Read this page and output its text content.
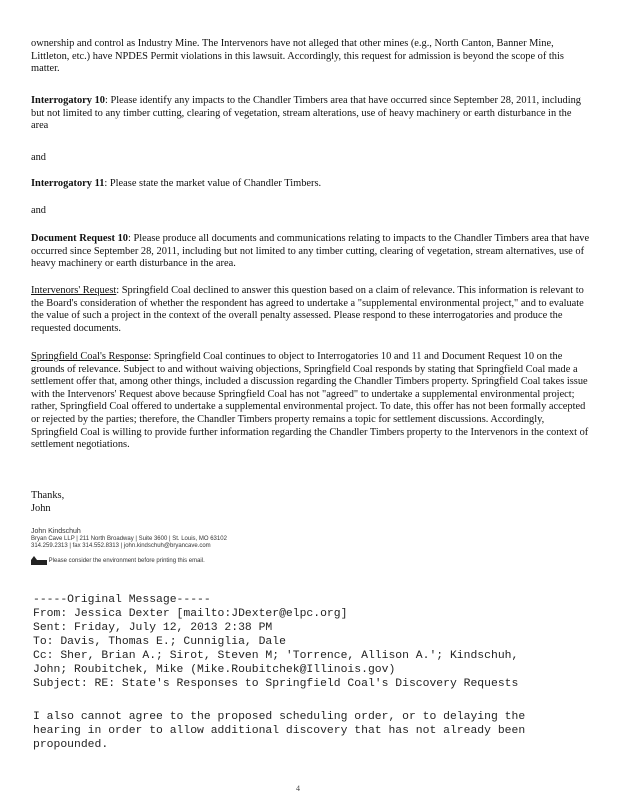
ownership and control as Industry Mine. The Intervenors have not alleged that other mines (e.g., North Canton, Banner Mine, Littleton, etc.) have NPDES Permit violations in this lawsuit. Accordingly, this request for admission is beyond the scope of this matter.

Interrogatory 10: Please identify any impacts to the Chandler Timbers area that have occurred since September 28, 2011, including but not limited to any timber cutting, clearing of vegetation, stream alterations, use of heavy machinery or earth disturbance in the area

and

Interrogatory 11: Please state the market value of Chandler Timbers.

and

Document Request 10: Please produce all documents and communications relating to impacts to the Chandler Timbers area that have occurred since September 28, 2011, including but not limited to any timber cutting, clearing of vegetation, stream alternatives, use of heavy machinery or earth disturbance in the area.

Intervenors' Request: Springfield Coal declined to answer this question based on a claim of relevance. This information is relevant to the Board's consideration of whether the respondent has agreed to undertake a "supplemental environmental project," and to evaluate the value of such a project in the context of the overall penalty assessed. Please respond to these interrogatories and produce the requested documents.

Springfield Coal's Response: Springfield Coal continues to object to Interrogatories 10 and 11 and Document Request 10 on the grounds of relevance. Subject to and without waiving objections, Springfield Coal responds by stating that Springfield Coal made a settlement offer that, among other things, included a discussion regarding the Chandler Timbers property. Springfield Coal takes issue with the Intervenors' Request above because Springfield Coal has not "agreed" to undertake a supplemental environmental project; rather, Springfield Coal offered to undertake a supplemental environmental project. To date, this offer has not been formally accepted or rejected by the parties; therefore, the Chandler Timbers property remains a topic for settlement discussions. Accordingly, Springfield Coal is willing to provide further information regarding the Chandler Timbers property to the Intervenors in the context of settlement negotiations.

Thanks,

John

John Kindschuh
Bryan Cave LLP | 211 North Broadway | Suite 3600 | St. Louis, MO 63102
314.259.2313 | fax 314.552.8313 | john.kindschuh@bryancave.com
Please consider the environment before printing this email.
-----Original Message-----
From: Jessica Dexter [mailto:JDexter@elpc.org]
Sent: Friday, July 12, 2013 2:38 PM
To: Davis, Thomas E.; Cunniglia, Dale
Cc: Sher, Brian A.; Sirot, Steven M; 'Torrence, Allison A.'; Kindschuh,
John; Roubitchek, Mike (Mike.Roubitchek@Illinois.gov)
Subject: RE: State's Responses to Springfield Coal's Discovery Requests
I also cannot agree to the proposed scheduling order, or to delaying the
hearing in order to allow additional discovery that has not already been
propounded.
4
